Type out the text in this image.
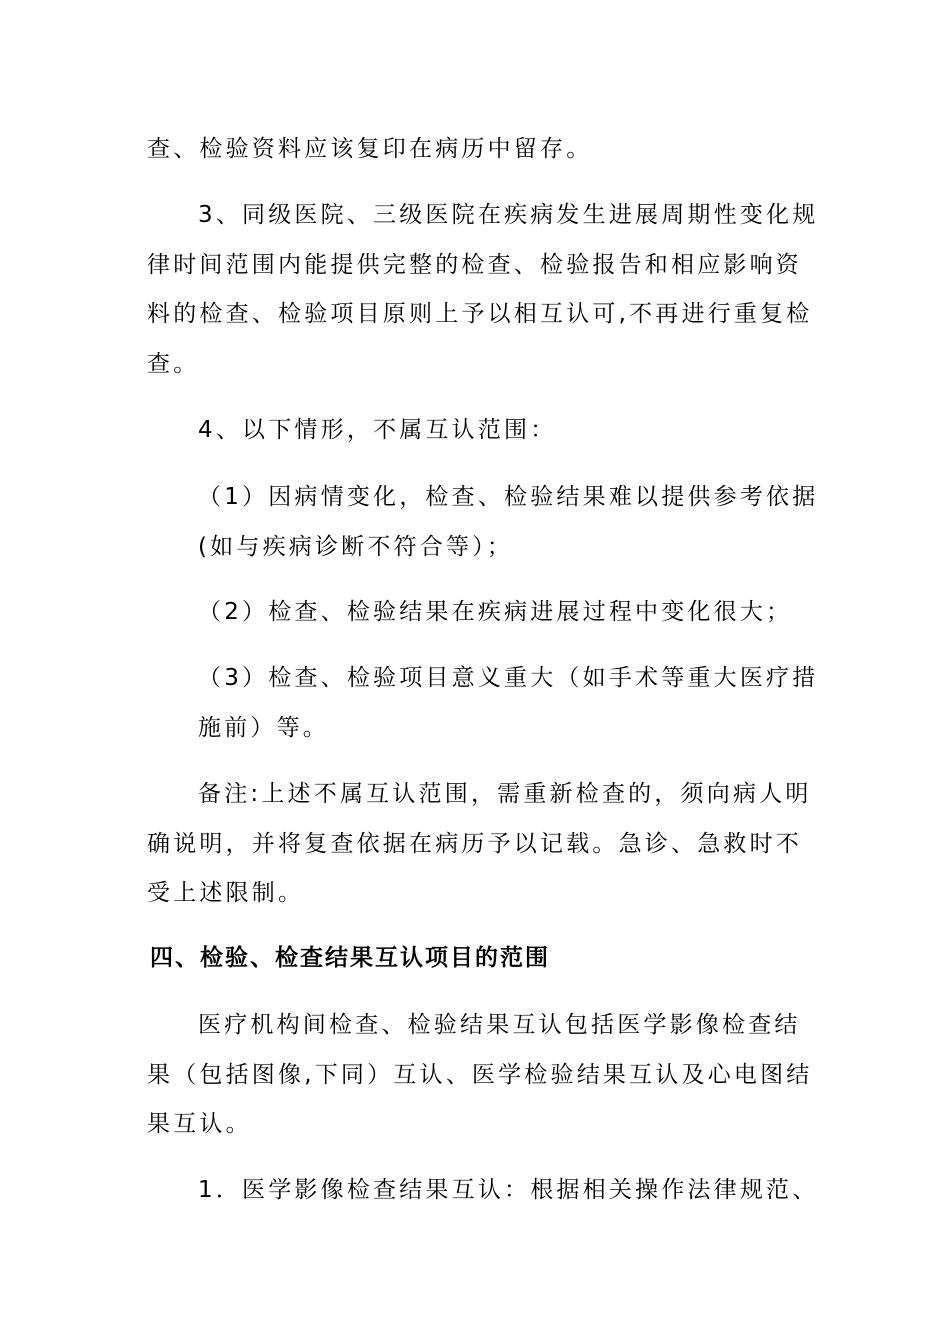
查、检验资料应该复印在病历中留存。
3、同级医院、三级医院在疾病发生进展周期性变化规
律时间范围内能提供完整的检查、检验报告和相应影响资
料的检查、检验项目原则上予以相互认可,不再进行重复检
查。
4、以下情形，不属互认范围：
（1）因病情变化，检查、检验结果难以提供参考依据
(如与疾病诊断不符合等）；
（2）检查、检验结果在疾病进展过程中变化很大；
（3）检查、检验项目意义重大（如手术等重大医疗措
施前）等。
备注:上述不属互认范围，需重新检查的，须向病人明
确说明，并将复查依据在病历予以记载。急诊、急救时不
受上述限制。
四、检验、检查结果互认项目的范围
医疗机构间检查、检验结果互认包括医学影像检查结
果（包括图像,下同）互认、医学检验结果互认及心电图结
果互认。
1．医学影像检查结果互认：根据相关操作法律规范、
